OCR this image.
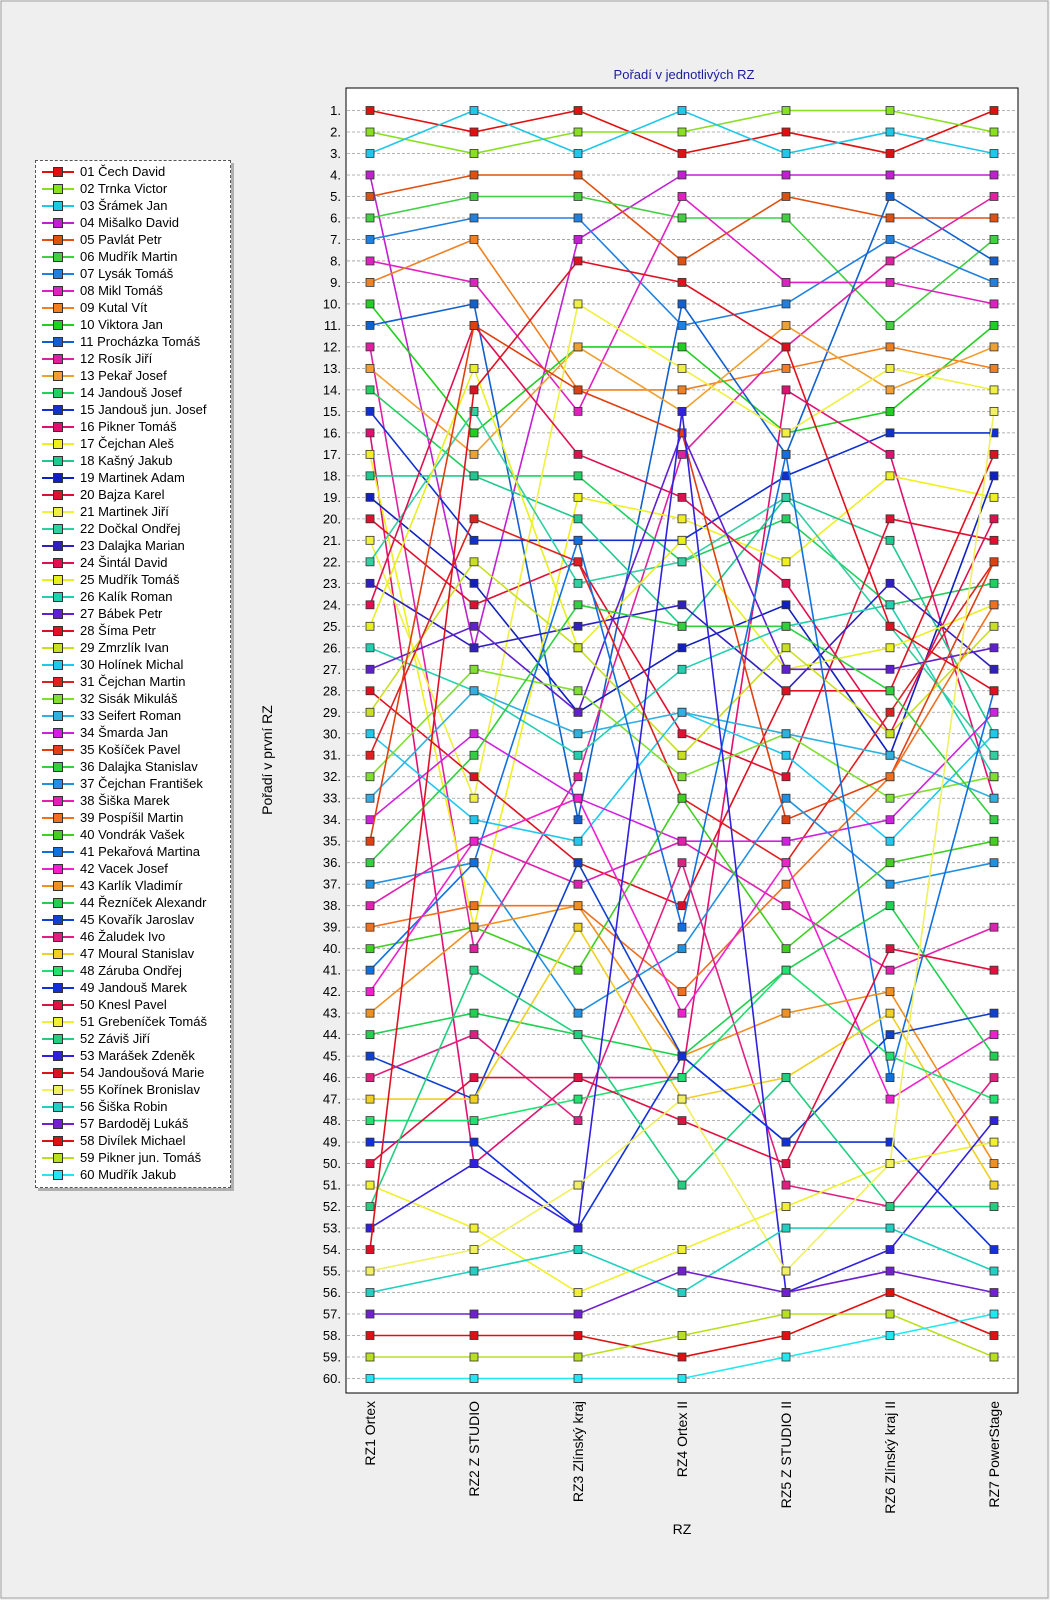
Pořadí v jednotlivých RZ
1.
2.
3.
4.
5.
6.
7.
8.
9.
10.
11.
12.
13.
14.
15.
16.
17.
18.
19.
20.
21.
22.
23.
24.
25.
26.
27.
28.
29.
30.
31.
32.
33.
34.
35.
36.
37.
38.
39.
40.
41.
42.
43.
44.
45.
46.
47.
48.
49.
50.
51.
52.
53.
54.
55.
56.
57.
58.
59.
60.
RZ1 Ortex	RZ2 Z STUDIO	RZ3 Zlínský kraj	RZ4 Ortex II	RZ5 Z STUDIO II	RZ6 Zlínský kraj II	RZ7 PowerStage
RZ
Pořadí v první RZ
01 Čech David
02 Trnka Victor
03 Šrámek Jan
04 Mišalko David
05 Pavlát Petr
06 Mudřík Martin
07 Lysák Tomáš
08 Mikl Tomáš
09 Kutal Vít
10 Viktora Jan
11 Procházka Tomáš
12 Rosík Jiří
13 Pekař Josef
14 Jandouš Josef
15 Jandouš jun. Josef
16 Pikner Tomáš
17 Čejchan Aleš
18 Kašný Jakub
19 Martinek Adam
20 Bajza Karel
21 Martinek Jiří
22 Dočkal Ondřej
23 Dalajka Marian
24 Šintál David
25 Mudřík Tomáš
26 Kalík Roman
27 Bábek Petr
28 Šíma Petr
29 Zmrzlík Ivan
30 Holínek Michal
31 Čejchan Martin
32 Sisák Mikuláš
33 Seifert Roman
34 Šmarda Jan
35 Košíček Pavel
36 Dalajka Stanislav
37 Čejchan František
38 Šiška Marek
39 Pospíšil Martin
40 Vondrák Vašek
41 Pekařová Martina
42 Vacek Josef
43 Karlík Vladimír
44 Řezníček Alexandr
45 Kovařík Jaroslav
46 Žaludek Ivo
47 Moural Stanislav
48 Záruba Ondřej
49 Jandouš Marek
50 Knesl Pavel
51 Grebeníček Tomáš
52 Záviš Jiří
53 Marášek Zdeněk
54 Jandoušová Marie
55 Kořínek Bronislav
56 Šiška Robin
57 Bardoděj Lukáš
58 Divílek Michael
59 Pikner jun. Tomáš
60 Mudřík Jakub
